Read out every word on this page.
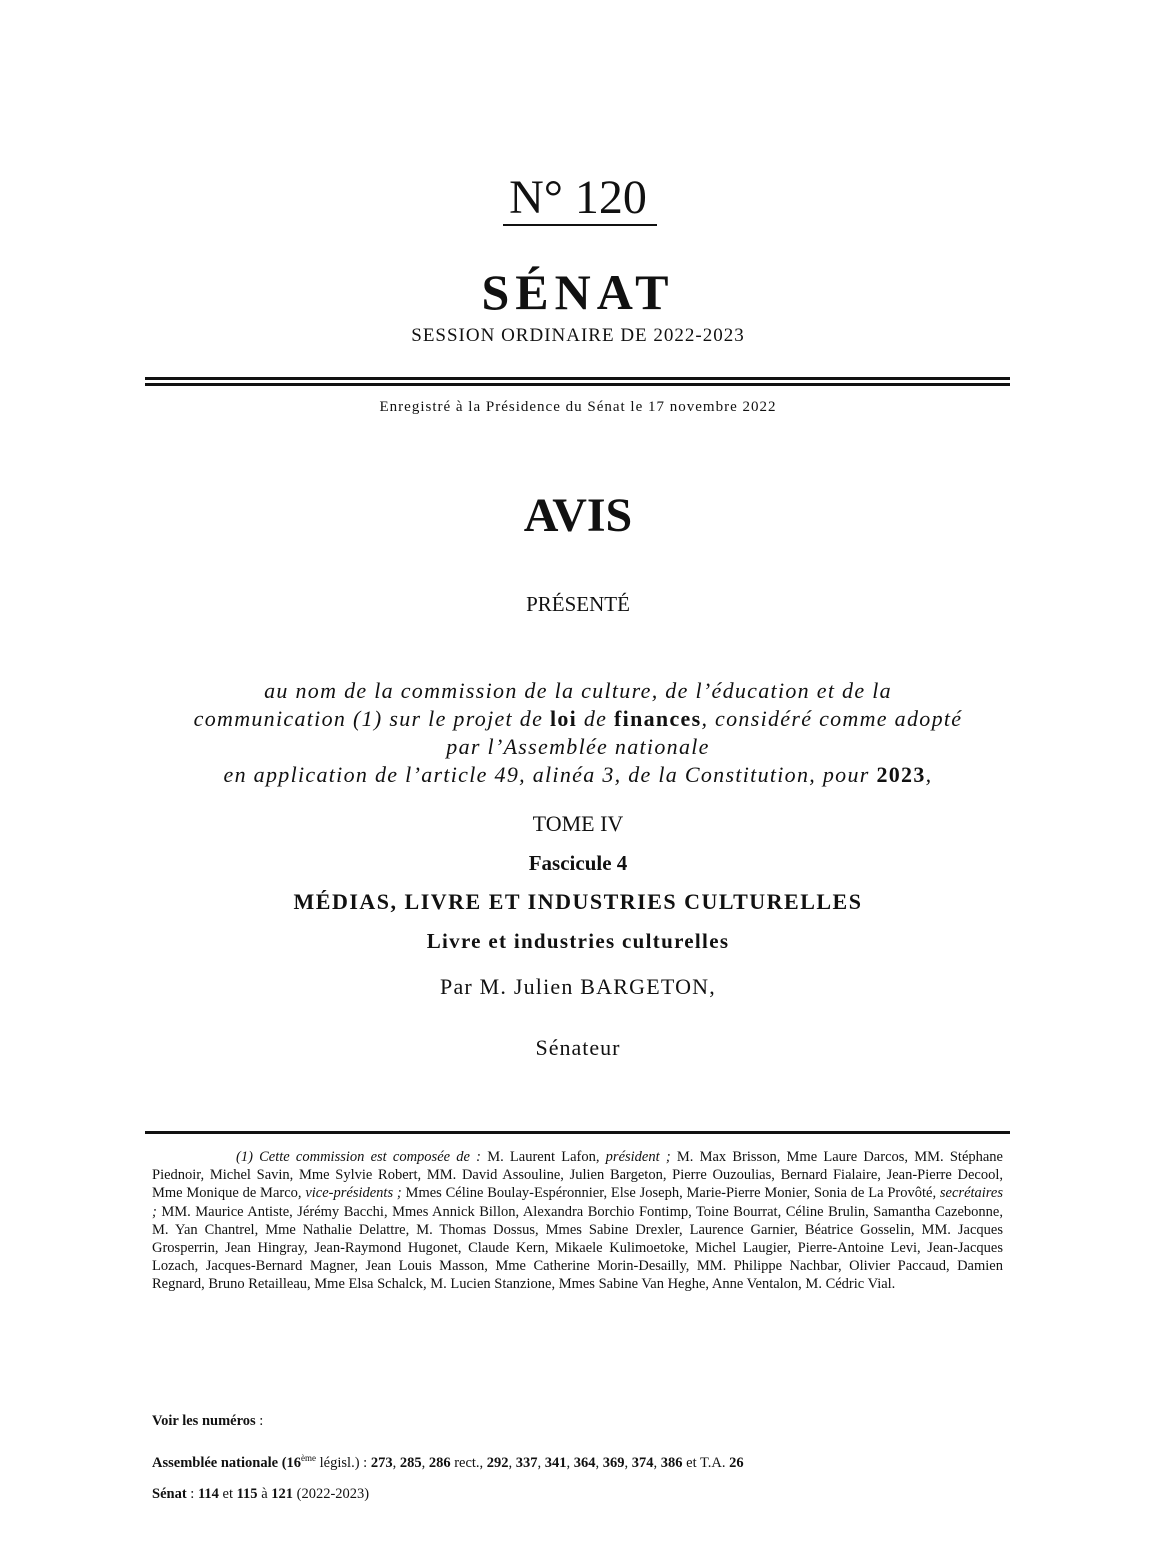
N° 120
SÉNAT
SESSION ORDINAIRE DE 2022-2023
Enregistré à la Présidence du Sénat le 17 novembre 2022
AVIS
PRÉSENTÉ
au nom de la commission de la culture, de l’éducation et de la
communication (1) sur le projet de loi de finances, considéré comme adopté
par l’Assemblée nationale
en application de l’article 49, alinéa 3, de la Constitution, pour 2023,
TOME IV
Fascicule 4
MÉDIAS, LIVRE ET INDUSTRIES CULTURELLES
Livre et industries culturelles
Par M. Julien BARGETON,
Sénateur
(1) Cette commission est composée de : M. Laurent Lafon, président ; M. Max Brisson, Mme Laure Darcos, MM. Stéphane Piednoir, Michel Savin, Mme Sylvie Robert, MM. David Assouline, Julien Bargeton, Pierre Ouzoulias, Bernard Fialaire, Jean-Pierre Decool, Mme Monique de Marco, vice-présidents ; Mmes Céline Boulay-Espéronnier, Else Joseph, Marie-Pierre Monier, Sonia de La Provôté, secrétaires ; MM. Maurice Antiste, Jérémy Bacchi, Mmes Annick Billon, Alexandra Borchio Fontimp, Toine Bourrat, Céline Brulin, Samantha Cazebonne, M. Yan Chantrel, Mme Nathalie Delattre, M. Thomas Dossus, Mmes Sabine Drexler, Laurence Garnier, Béatrice Gosselin, MM. Jacques Grosperrin, Jean Hingray, Jean-Raymond Hugonet, Claude Kern, Mikaele Kulimoetoke, Michel Laugier, Pierre-Antoine Levi, Jean-Jacques Lozach, Jacques-Bernard Magner, Jean Louis Masson, Mme Catherine Morin-Desailly, MM. Philippe Nachbar, Olivier Paccaud, Damien Regnard, Bruno Retailleau, Mme Elsa Schalck, M. Lucien Stanzione, Mmes Sabine Van Heghe, Anne Ventalon, M. Cédric Vial.
Voir les numéros :
Assemblée nationale (16ème législ.) : 273, 285, 286 rect., 292, 337, 341, 364, 369, 374, 386 et T.A. 26
Sénat : 114 et 115 à 121 (2022-2023)
